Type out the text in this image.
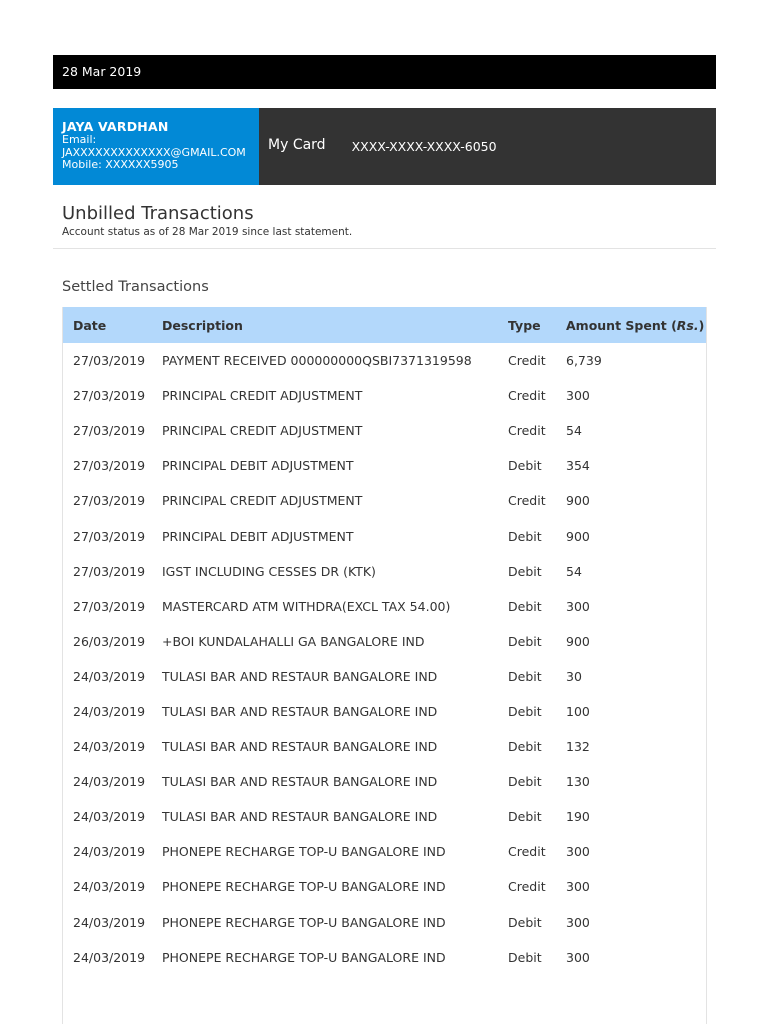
28 Mar 2019
JAYA VARDHAN
Email:
JAXXXXXXXXXXXXX@GMAIL.COM
Mobile: XXXXXX5905
My Card XXXX-XXXX-XXXX-6050
Unbilled Transactions
Account status as of 28 Mar 2019 since last statement.
Settled Transactions
Date	Description	Type	Amount Spent (Rs.)
27/03/2019	PAYMENT RECEIVED 000000000QSBI7371319598	Credit	6,739
27/03/2019	PRINCIPAL CREDIT ADJUSTMENT	Credit	300
27/03/2019	PRINCIPAL CREDIT ADJUSTMENT	Credit	54
27/03/2019	PRINCIPAL DEBIT ADJUSTMENT	Debit	354
27/03/2019	PRINCIPAL CREDIT ADJUSTMENT	Credit	900
27/03/2019	PRINCIPAL DEBIT ADJUSTMENT	Debit	900
27/03/2019	IGST INCLUDING CESSES DR (KTK)	Debit	54
27/03/2019	MASTERCARD ATM WITHDRA(EXCL TAX 54.00)	Debit	300
26/03/2019	+BOI KUNDALAHALLI GA BANGALORE IND	Debit	900
24/03/2019	TULASI BAR AND RESTAUR BANGALORE IND	Debit	30
24/03/2019	TULASI BAR AND RESTAUR BANGALORE IND	Debit	100
24/03/2019	TULASI BAR AND RESTAUR BANGALORE IND	Debit	132
24/03/2019	TULASI BAR AND RESTAUR BANGALORE IND	Debit	130
24/03/2019	TULASI BAR AND RESTAUR BANGALORE IND	Debit	190
24/03/2019	PHONEPE RECHARGE TOP-U BANGALORE IND	Credit	300
24/03/2019	PHONEPE RECHARGE TOP-U BANGALORE IND	Credit	300
24/03/2019	PHONEPE RECHARGE TOP-U BANGALORE IND	Debit	300
24/03/2019	PHONEPE RECHARGE TOP-U BANGALORE IND	Debit	300
